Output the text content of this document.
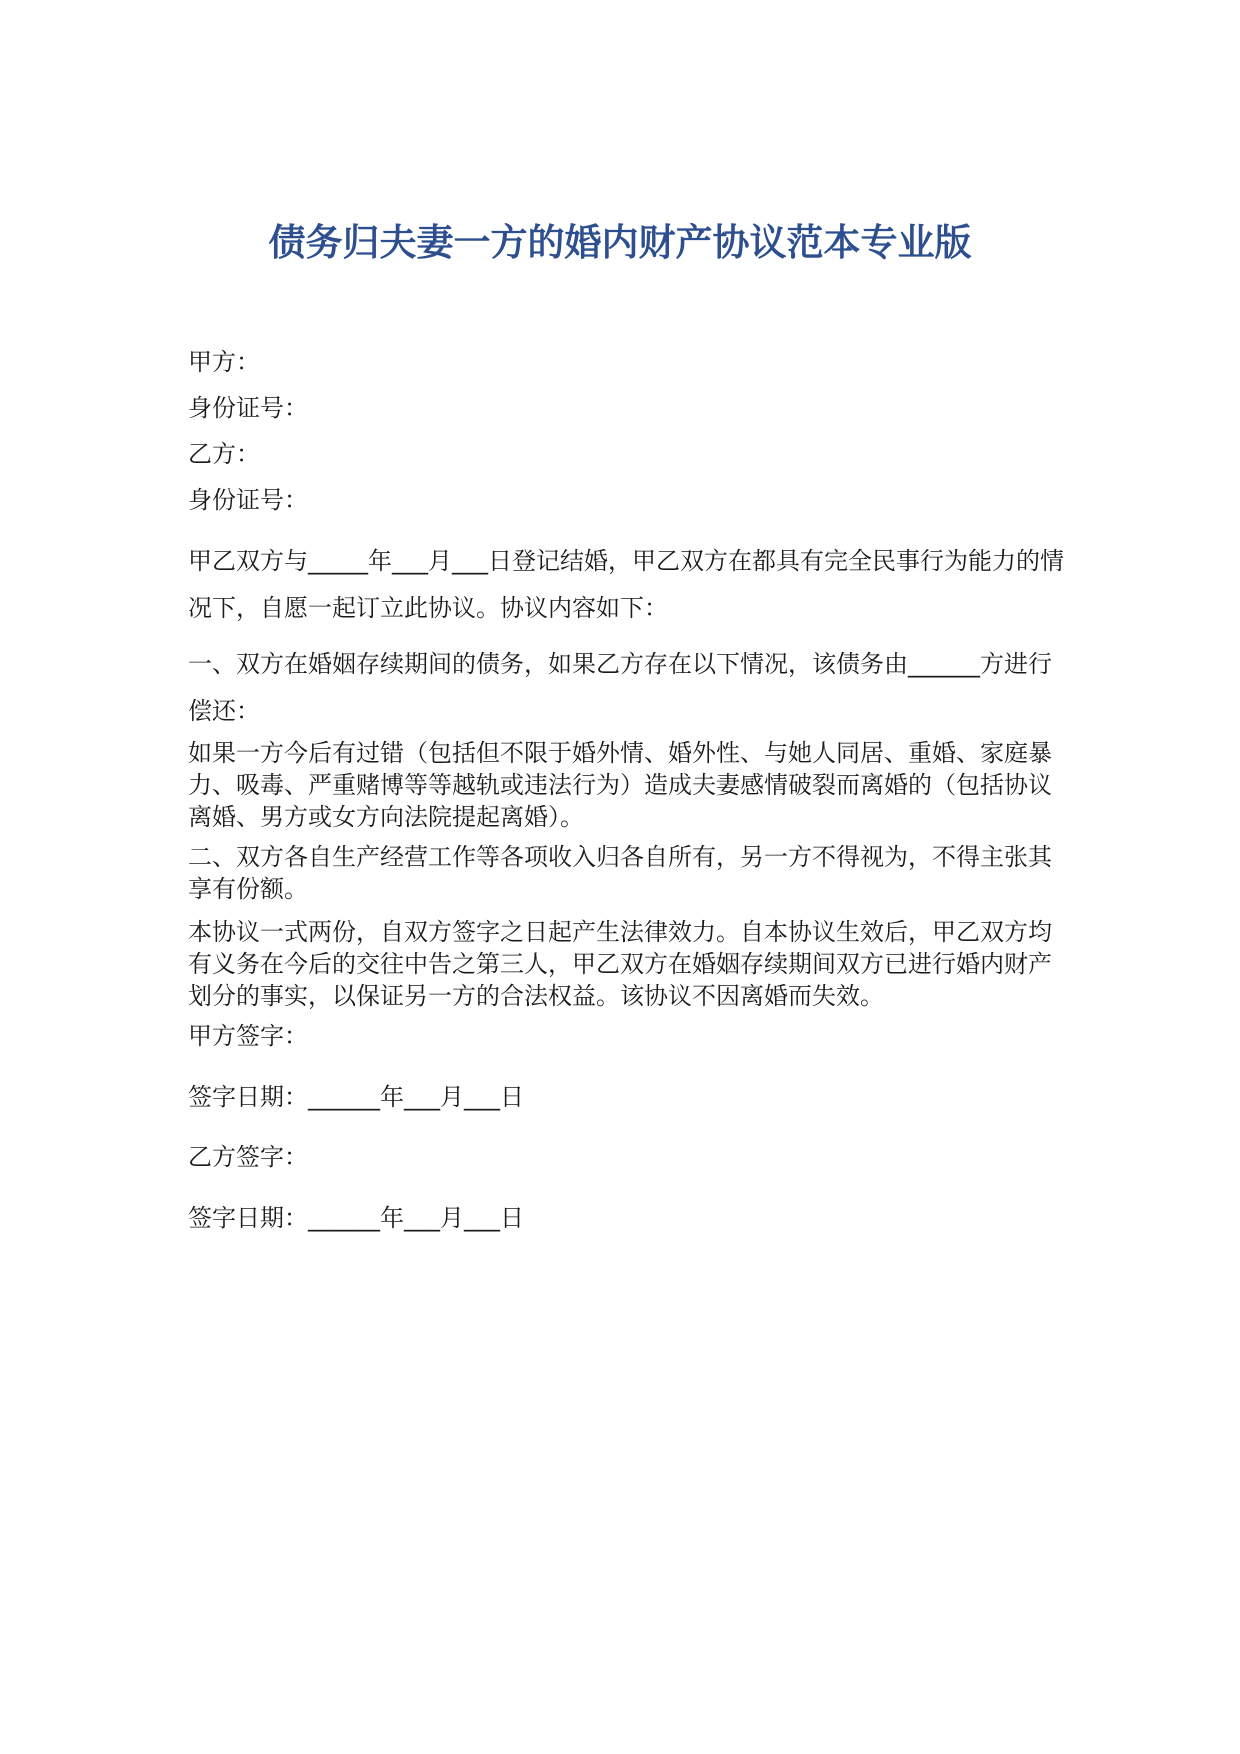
债务归夫妻一方的婚内财产协议范本专业版

甲方：

身份证号：

乙方：

身份证号：

甲乙双方与_____年___月___日登记结婚，甲乙双方在都具有完全民事行为能力的情况下，自愿一起订立此协议。协议内容如下：

一、双方在婚姻存续期间的债务，如果乙方存在以下情况，该债务由______方进行偿还：

如果一方今后有过错（包括但不限于婚外情、婚外性、与她人同居、重婚、家庭暴力、吸毒、严重赌博等等越轨或违法行为）造成夫妻感情破裂而离婚的（包括协议离婚、男方或女方向法院提起离婚）。

二、双方各自生产经营工作等各项收入归各自所有，另一方不得视为，不得主张其享有份额。

本协议一式两份，自双方签字之日起产生法律效力。自本协议生效后，甲乙双方均有义务在今后的交往中告之第三人，甲乙双方在婚姻存续期间双方已进行婚内财产划分的事实，以保证另一方的合法权益。该协议不因离婚而失效。

甲方签字：

签字日期：______年___月___日

乙方签字：

签字日期：______年___月___日
